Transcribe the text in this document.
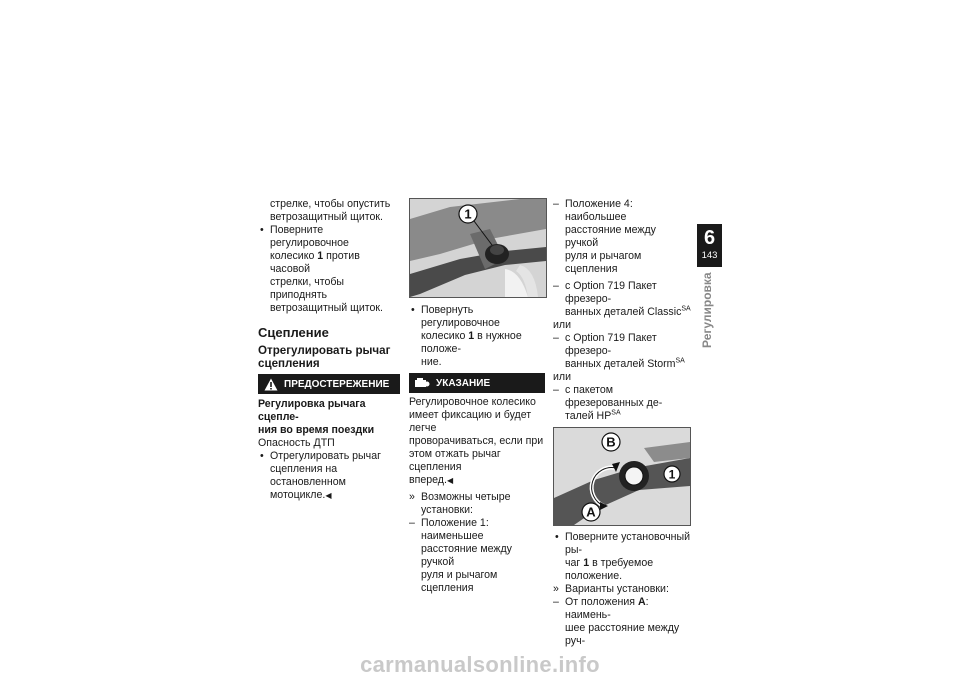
стрелке, чтобы опустить
ветрозащитный щиток.

• Поверните регулировочное
колесико 1 против часовой
стрелки, чтобы приподнять
ветрозащитный щиток.

Сцепление
Отрегулировать рычаг
сцепления
ПРЕДОСТЕРЕЖЕНИЕ
Регулировка рычага сцепле-
ния во время поездки

Опасность ДТП

• Отрегулировать рычаг
сцепления на остановленном
мотоцикле.◀

1

• Повернуть регулировочное
колесико 1 в нужное положе-
ние.

УКАЗАНИЕ

Регулировочное колесико
имеет фиксацию и будет легче
проворачиваться, если при
этом отжать рычаг сцепления
вперед.◀

» Возможны четыре установки:

– Положение 1: наименьшее
расстояние между ручкой
руля и рычагом сцепления

– Положение 4: наибольшее
расстояние между ручкой
руля и рычагом сцепления

– с Option 719 Пакет фрезеро-
ванных деталей Classic$^{SA}$

или

– с Option 719 Пакет фрезеро-
ванных деталей Storm$^{SA}$

или

– с пакетом фрезерованных де-
талей $HP^{SA}$

B
1
A

• Поверните установочный ры-
чаг 1 в требуемое положение.

» Варианты установки:

– От положения A: наимень-
шее расстояние между руч-

6
143
Регулировка
carmanualsonline.info
